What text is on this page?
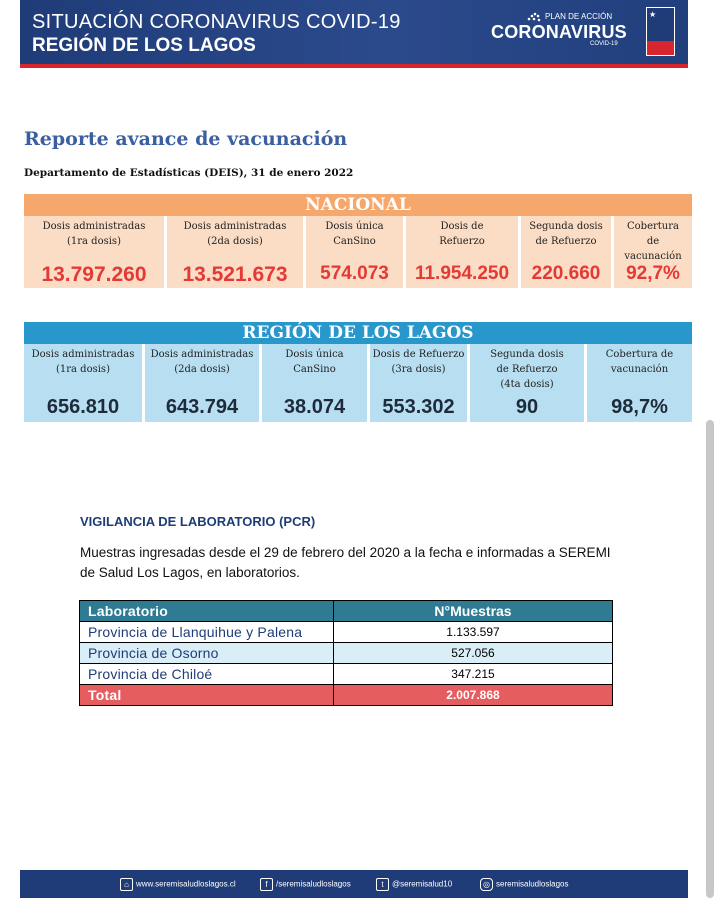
SITUACIÓN CORONAVIRUS COVID-19
REGIÓN DE LOS LAGOS
PLAN DE ACCIÓN
CORONAVIRUS
COVID-19
★
Reporte avance de vacunación
Departamento de Estadísticas (DEIS), 31 de enero 2022
NACIONAL
Dosis administradas
(1ra dosis)
13.797.260
Dosis administradas
(2da dosis)
13.521.673
Dosis única
CanSino
574.073
Dosis de
Refuerzo
11.954.250
Segunda dosis
de Refuerzo
220.660
Cobertura
de
vacunación
92,7%
REGIÓN DE LOS LAGOS
Dosis administradas
(1ra dosis)
656.810
Dosis administradas
(2da dosis)
643.794
Dosis única
CanSino
38.074
Dosis de Refuerzo
(3ra dosis)
553.302
Segunda dosis
de Refuerzo
(4ta dosis)
90
Cobertura de
vacunación
98,7%
VIGILANCIA DE LABORATORIO (PCR)
Muestras ingresadas desde el 29 de febrero del 2020 a la fecha e informadas a SEREMI de Salud Los Lagos, en laboratorios.
Laboratorio	N°Muestras
Provincia de Llanquihue y Palena	1.133.597
Provincia de Osorno	527.056
Provincia de Chiloé	347.215
Total	2.007.868
⌂ www.seremisaludloslagos.cl	f /seremisaludloslagos	t @seremisalud10	◎ seremisaludloslagos
